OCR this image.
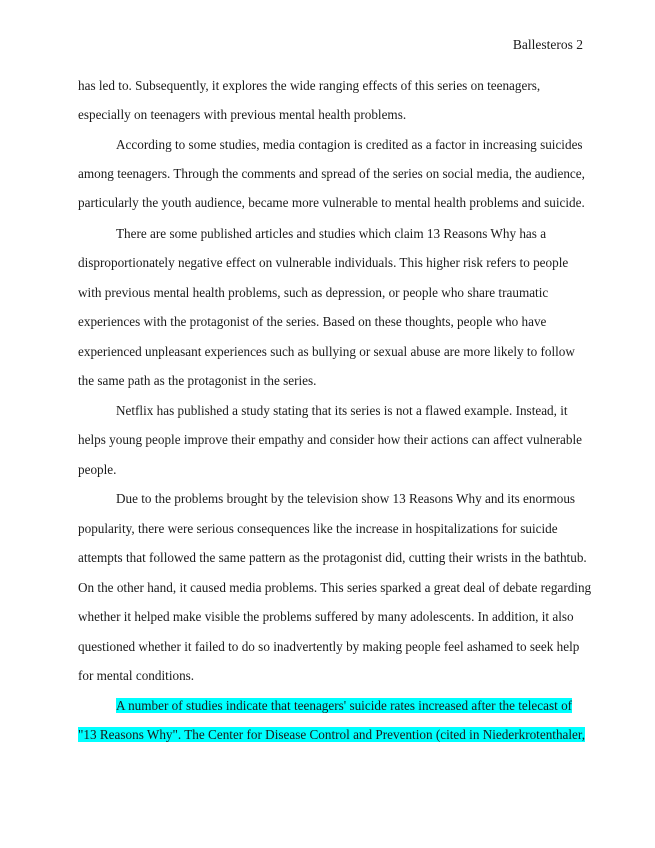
Ballesteros 2
has led to. Subsequently, it explores the wide ranging effects of this series on teenagers,
especially on teenagers with previous mental health problems.
According to some studies, media contagion is credited as a factor in increasing suicides
among teenagers. Through the comments and spread of the series on social media, the audience,
particularly the youth audience, became more vulnerable to mental health problems and suicide.
There are some published articles and studies which claim 13 Reasons Why has a
disproportionately negative effect on vulnerable individuals. This higher risk refers to people
with previous mental health problems, such as depression, or people who share traumatic
experiences with the protagonist of the series. Based on these thoughts, people who have
experienced unpleasant experiences such as bullying or sexual abuse are more likely to follow
the same path as the protagonist in the series.
Netflix has published a study stating that its series is not a flawed example. Instead, it
helps young people improve their empathy and consider how their actions can affect vulnerable
people.
Due to the problems brought by the television show 13 Reasons Why and its enormous
popularity, there were serious consequences like the increase in hospitalizations for suicide
attempts that followed the same pattern as the protagonist did, cutting their wrists in the bathtub.
On the other hand, it caused media problems. This series sparked a great deal of debate regarding
whether it helped make visible the problems suffered by many adolescents. In addition, it also
questioned whether it failed to do so inadvertently by making people feel ashamed to seek help
for mental conditions.
A number of studies indicate that teenagers' suicide rates increased after the telecast of
"13 Reasons Why". The Center for Disease Control and Prevention (cited in Niederkrotenthaler,
